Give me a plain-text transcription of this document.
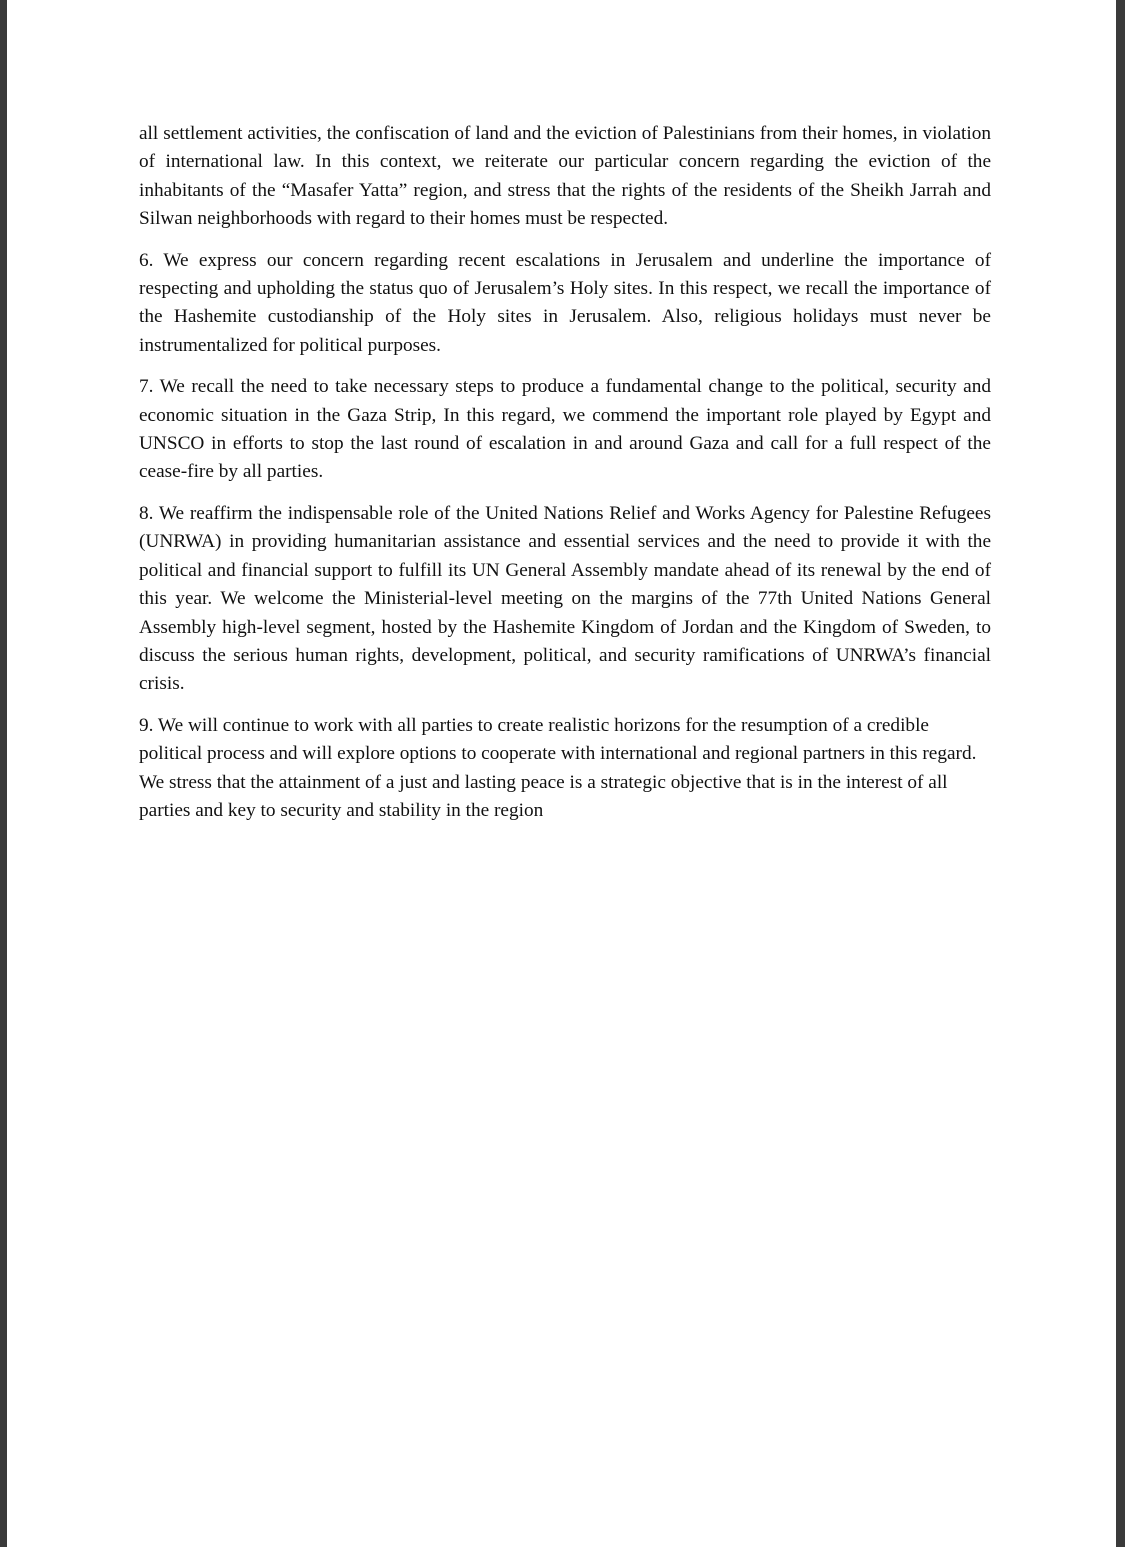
all settlement activities, the confiscation of land and the eviction of Palestinians from their homes, in violation of international law. In this context, we reiterate our particular concern regarding the eviction of the inhabitants of the “Masafer Yatta” region, and stress that the rights of the residents of the Sheikh Jarrah and Silwan neighborhoods with regard to their homes must be respected.

6. We express our concern regarding recent escalations in Jerusalem and underline the importance of respecting and upholding the status quo of Jerusalem’s Holy sites. In this respect, we recall the importance of the Hashemite custodianship of the Holy sites in Jerusalem. Also, religious holidays must never be instrumentalized for political purposes.

7. We recall the need to take necessary steps to produce a fundamental change to the political, security and economic situation in the Gaza Strip, In this regard, we commend the important role played by Egypt and UNSCO in efforts to stop the last round of escalation in and around Gaza and call for a full respect of the cease-fire by all parties.

8. We reaffirm the indispensable role of the United Nations Relief and Works Agency for Palestine Refugees (UNRWA) in providing humanitarian assistance and essential services and the need to provide it with the political and financial support to fulfill its UN General Assembly mandate ahead of its renewal by the end of this year. We welcome the Ministerial-level meeting on the margins of the 77th United Nations General Assembly high-level segment, hosted by the Hashemite Kingdom of Jordan and the Kingdom of Sweden, to discuss the serious human rights, development, political, and security ramifications of UNRWA’s financial crisis.

9. We will continue to work with all parties to create realistic horizons for the resumption of a credible political process and will explore options to cooperate with international and regional partners in this regard. We stress that the attainment of a just and lasting peace is a strategic objective that is in the interest of all parties and key to security and stability in the region
